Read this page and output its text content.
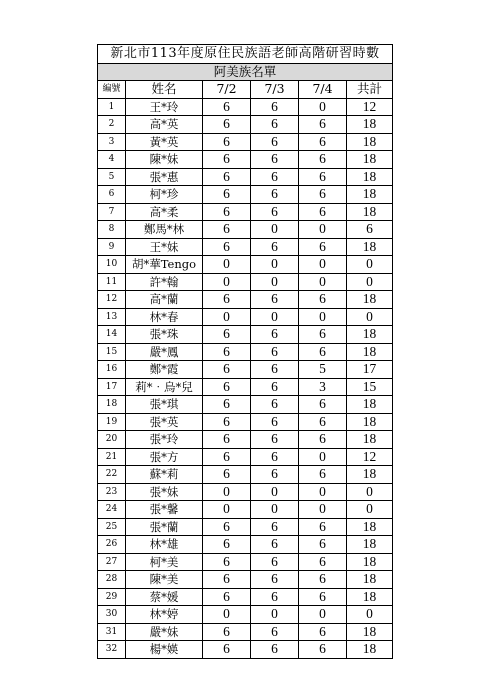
新北市113年度原住民族語老師高階研習時數					
阿美族名單					
編號	姓名	7/2	7/3	7/4	共計
1	王*玲	6	6	0	12
2	高*英	6	6	6	18
3	黃*英	6	6	6	18
4	陳*妹	6	6	6	18
5	張*惠	6	6	6	18
6	柯*珍	6	6	6	18
7	高*柔	6	6	6	18
8	鄭馬*林	6	0	0	6
9	王*妹	6	6	6	18
10	胡*華Tengo	0	0	0	0
11	許*翰	0	0	0	0
12	高*蘭	6	6	6	18
13	林*春	0	0	0	0
14	張*珠	6	6	6	18
15	嚴*鳳	6	6	6	18
16	鄭*霞	6	6	5	17
17	莉*‧烏*兒	6	6	3	15
18	張*琪	6	6	6	18
19	張*英	6	6	6	18
20	張*玲	6	6	6	18
21	張*方	6	6	0	12
22	蘇*莉	6	6	6	18
23	張*妹	0	0	0	0
24	張*馨	0	0	0	0
25	張*蘭	6	6	6	18
26	林*雄	6	6	6	18
27	柯*美	6	6	6	18
28	陳*美	6	6	6	18
29	蔡*媛	6	6	6	18
30	林*婷	0	0	0	0
31	嚴*妹	6	6	6	18
32	楊*媖	6	6	6	18
